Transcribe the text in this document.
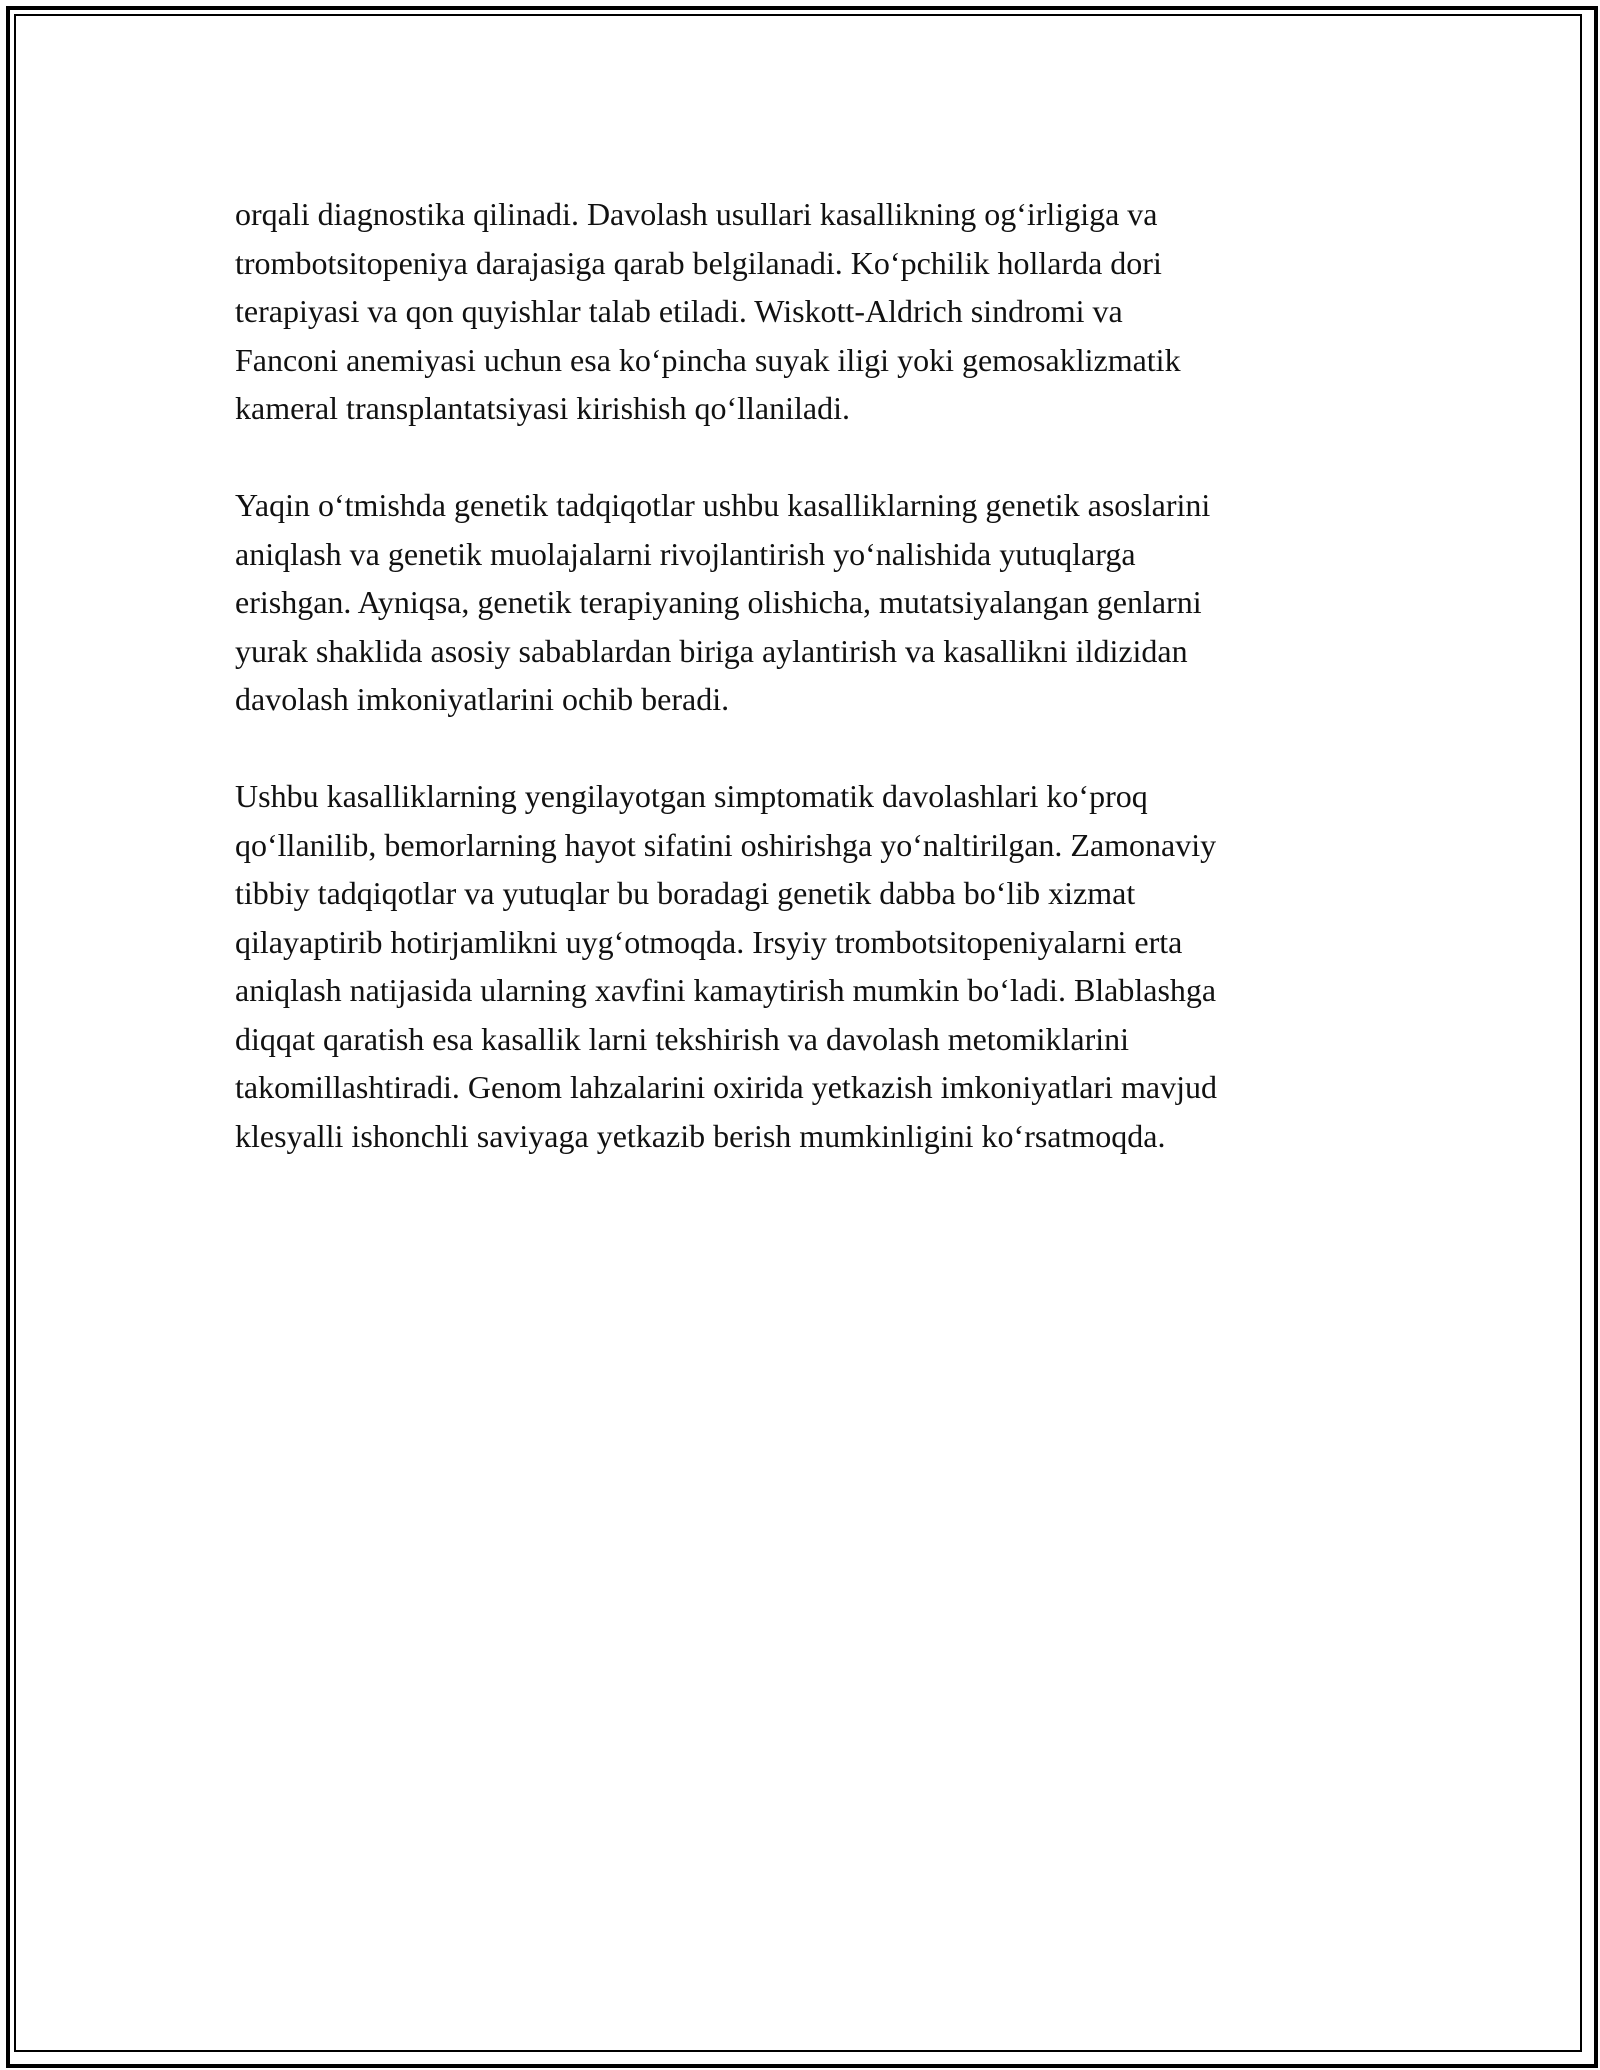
orqali diagnostika qilinadi. Davolash usullari kasallikning og‘irligiga va
trombotsitopeniya darajasiga qarab belgilanadi. Ko‘pchilik hollarda dori
terapiyasi va qon quyishlar talab etiladi. Wiskott-Aldrich sindromi va
Fanconi anemiyasi uchun esa ko‘pincha suyak iligi yoki gemosaklizmatik
kameral transplantatsiyasi kirishish qo‘llaniladi.

Yaqin o‘tmishda genetik tadqiqotlar ushbu kasalliklarning genetik asoslarini
aniqlash va genetik muolajalarni rivojlantirish yo‘nalishida yutuqlarga
erishgan. Ayniqsa, genetik terapiyaning olishicha, mutatsiyalangan genlarni
yurak shaklida asosiy sabablardan biriga aylantirish va kasallikni ildizidan
davolash imkoniyatlarini ochib beradi.

Ushbu kasalliklarning yengilayotgan simptomatik davolashlari ko‘proq
qo‘llanilib, bemorlarning hayot sifatini oshirishga yo‘naltirilgan. Zamonaviy
tibbiy tadqiqotlar va yutuqlar bu boradagi genetik dabba bo‘lib xizmat
qilayaptirib hotirjamlikni uyg‘otmoqda. Irsyiy trombotsitopeniyalarni erta
aniqlash natijasida ularning xavfini kamaytirish mumkin bo‘ladi. Blablashga
diqqat qaratish esa kasallik larni tekshirish va davolash metomiklarini
takomillashtiradi. Genom lahzalarini oxirida yetkazish imkoniyatlari mavjud
klesyalli ishonchli saviyaga yetkazib berish mumkinligini ko‘rsatmoqda.
